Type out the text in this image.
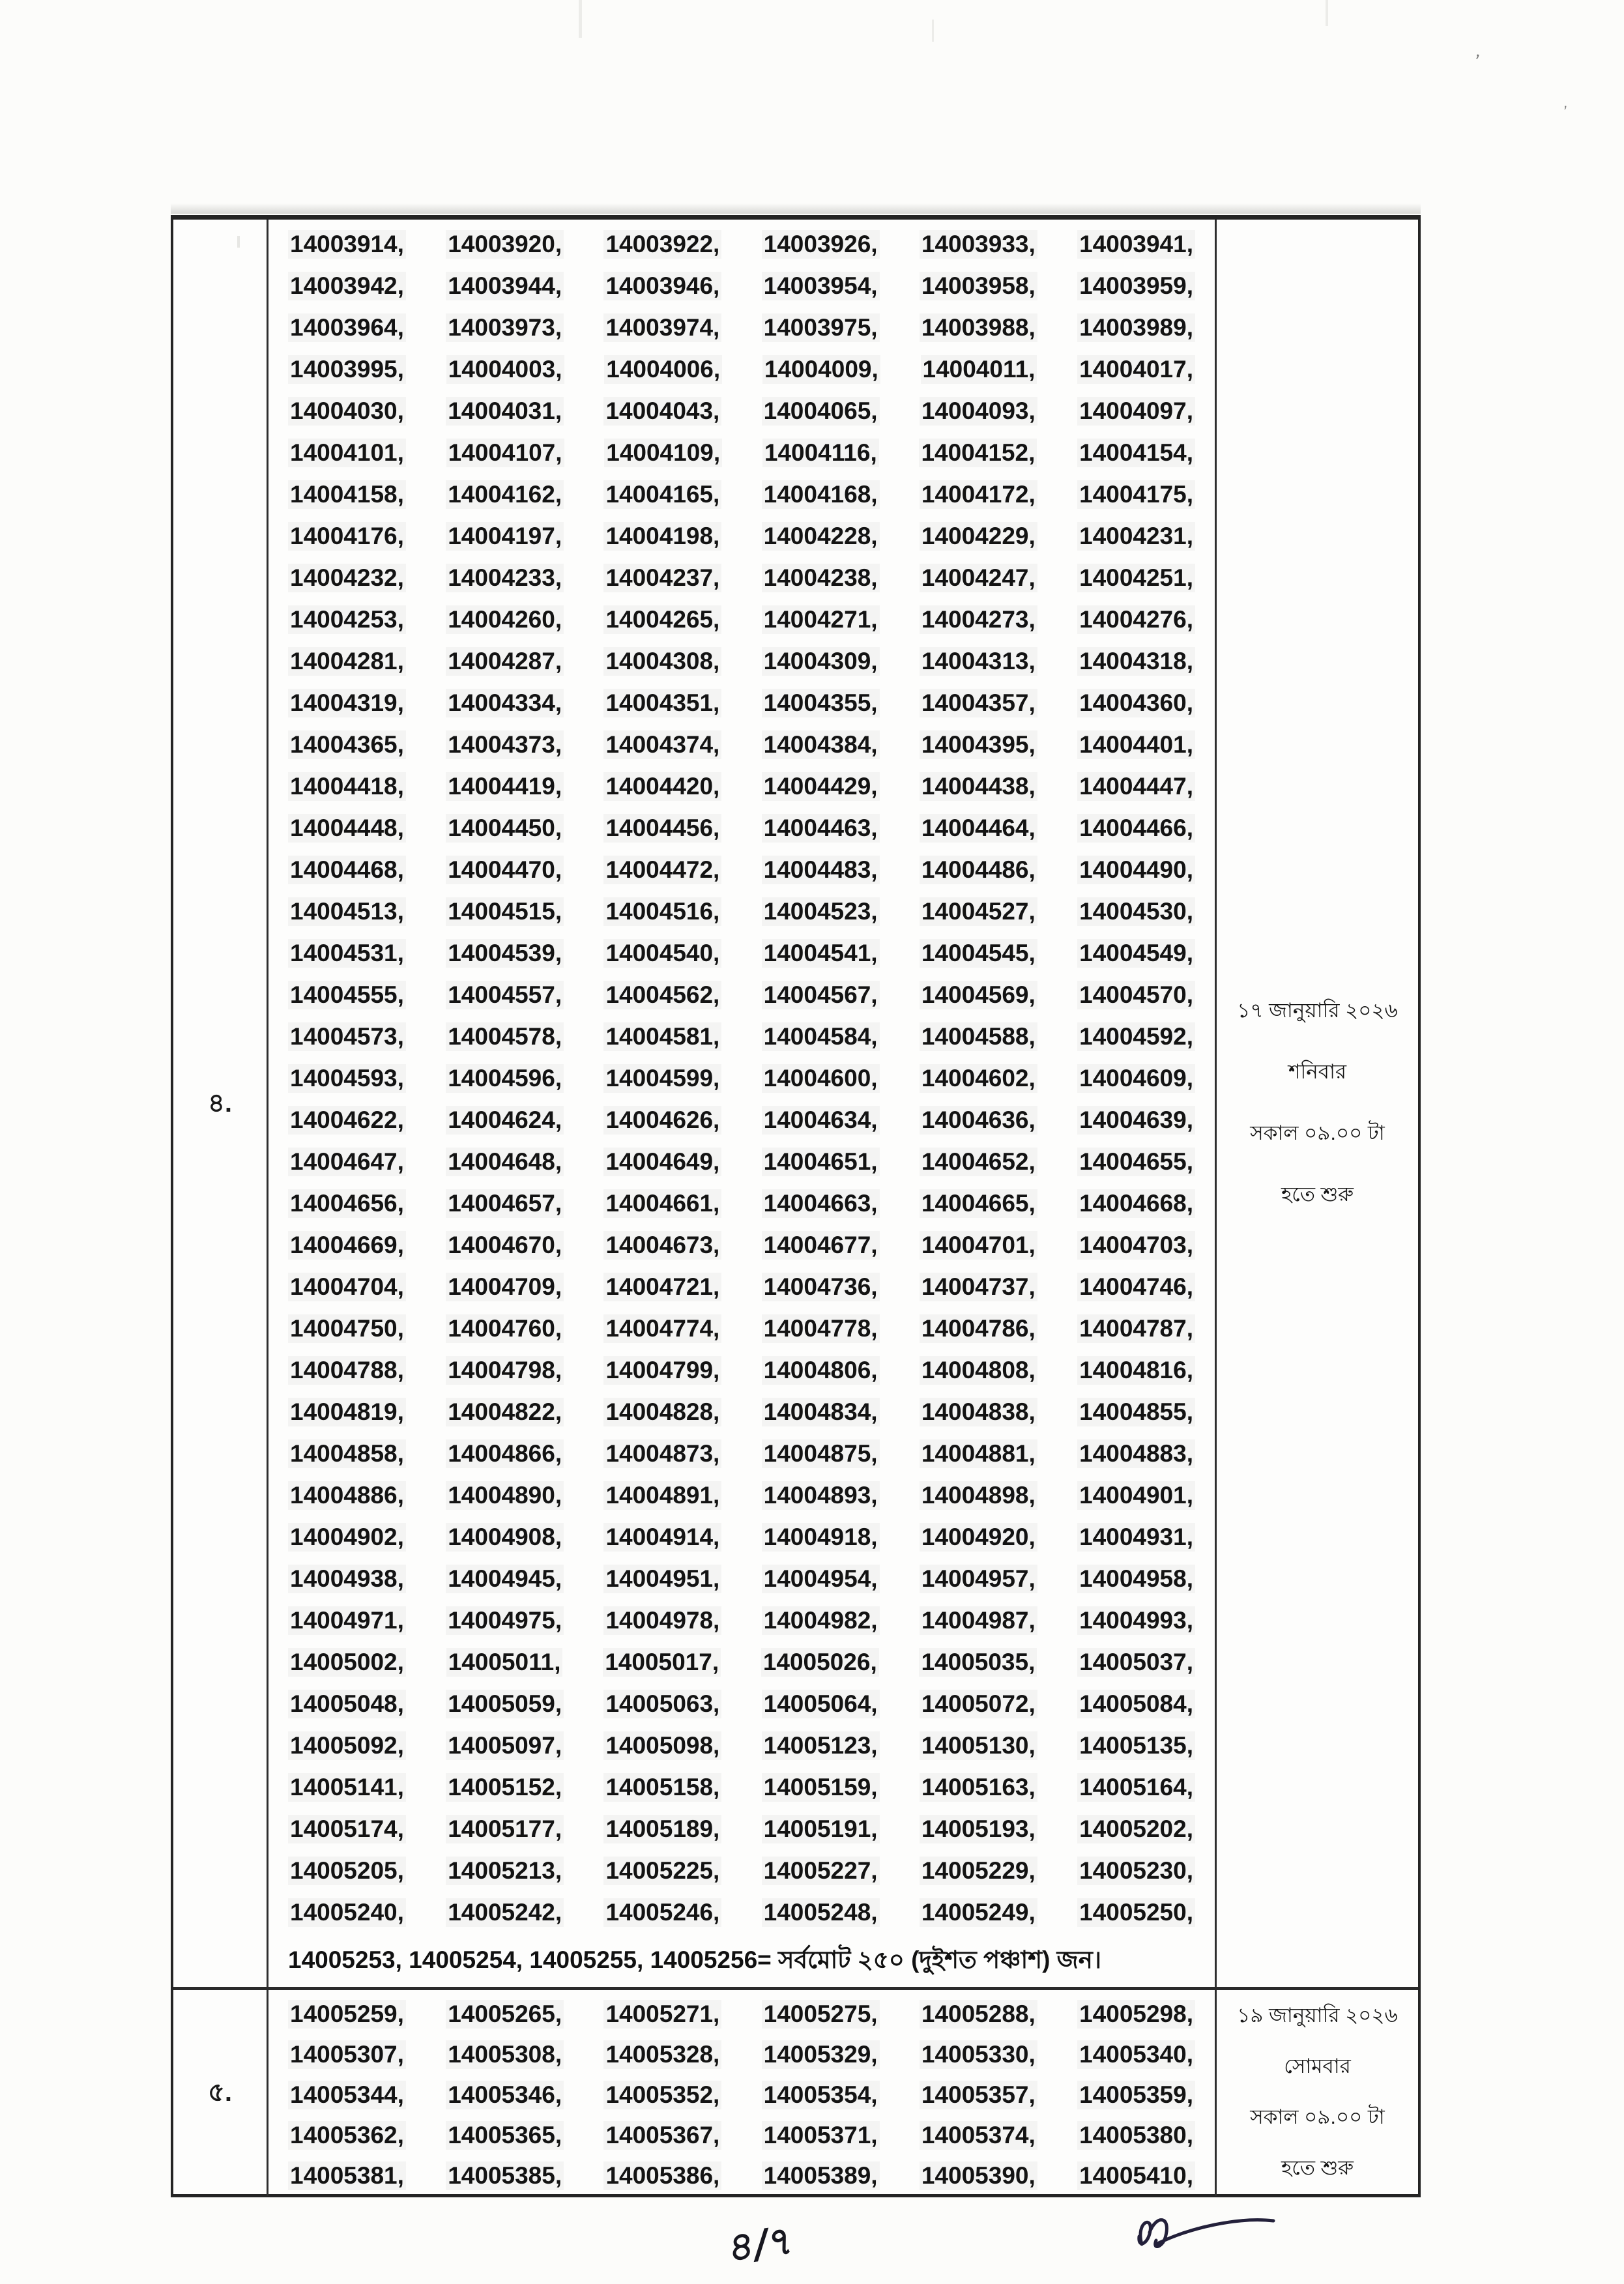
৪.
14003914, 14003920, 14003922, 14003926, 14003933, 14003941,
14003942, 14003944, 14003946, 14003954, 14003958, 14003959,
14003964, 14003973, 14003974, 14003975, 14003988, 14003989,
14003995, 14004003, 14004006, 14004009, 14004011, 14004017,
14004030, 14004031, 14004043, 14004065, 14004093, 14004097,
14004101, 14004107, 14004109, 14004116, 14004152, 14004154,
14004158, 14004162, 14004165, 14004168, 14004172, 14004175,
14004176, 14004197, 14004198, 14004228, 14004229, 14004231,
14004232, 14004233, 14004237, 14004238, 14004247, 14004251,
14004253, 14004260, 14004265, 14004271, 14004273, 14004276,
14004281, 14004287, 14004308, 14004309, 14004313, 14004318,
14004319, 14004334, 14004351, 14004355, 14004357, 14004360,
14004365, 14004373, 14004374, 14004384, 14004395, 14004401,
14004418, 14004419, 14004420, 14004429, 14004438, 14004447,
14004448, 14004450, 14004456, 14004463, 14004464, 14004466,
14004468, 14004470, 14004472, 14004483, 14004486, 14004490,
14004513, 14004515, 14004516, 14004523, 14004527, 14004530,
14004531, 14004539, 14004540, 14004541, 14004545, 14004549,
14004555, 14004557, 14004562, 14004567, 14004569, 14004570,
14004573, 14004578, 14004581, 14004584, 14004588, 14004592,
14004593, 14004596, 14004599, 14004600, 14004602, 14004609,
14004622, 14004624, 14004626, 14004634, 14004636, 14004639,
14004647, 14004648, 14004649, 14004651, 14004652, 14004655,
14004656, 14004657, 14004661, 14004663, 14004665, 14004668,
14004669, 14004670, 14004673, 14004677, 14004701, 14004703,
14004704, 14004709, 14004721, 14004736, 14004737, 14004746,
14004750, 14004760, 14004774, 14004778, 14004786, 14004787,
14004788, 14004798, 14004799, 14004806, 14004808, 14004816,
14004819, 14004822, 14004828, 14004834, 14004838, 14004855,
14004858, 14004866, 14004873, 14004875, 14004881, 14004883,
14004886, 14004890, 14004891, 14004893, 14004898, 14004901,
14004902, 14004908, 14004914, 14004918, 14004920, 14004931,
14004938, 14004945, 14004951, 14004954, 14004957, 14004958,
14004971, 14004975, 14004978, 14004982, 14004987, 14004993,
14005002, 14005011, 14005017, 14005026, 14005035, 14005037,
14005048, 14005059, 14005063, 14005064, 14005072, 14005084,
14005092, 14005097, 14005098, 14005123, 14005130, 14005135,
14005141, 14005152, 14005158, 14005159, 14005163, 14005164,
14005174, 14005177, 14005189, 14005191, 14005193, 14005202,
14005205, 14005213, 14005225, 14005227, 14005229, 14005230,
14005240, 14005242, 14005246, 14005248, 14005249, 14005250,
14005253, 14005254, 14005255, 14005256= সর্বমোট ২৫০ (দুইশত পঞ্চাশ) জন।
১৭ জানুয়ারি ২০২৬
শনিবার
সকাল ০৯.০০ টা
হতে শুরু
৫.
14005259, 14005265, 14005271, 14005275, 14005288, 14005298,
14005307, 14005308, 14005328, 14005329, 14005330, 14005340,
14005344, 14005346, 14005352, 14005354, 14005357, 14005359,
14005362, 14005365, 14005367, 14005371, 14005374, 14005380,
14005381, 14005385, 14005386, 14005389, 14005390, 14005410,
১৯ জানুয়ারি ২০২৬
সোমবার
সকাল ০৯.০০ টা
হতে শুরু
৪/৭
’
’
